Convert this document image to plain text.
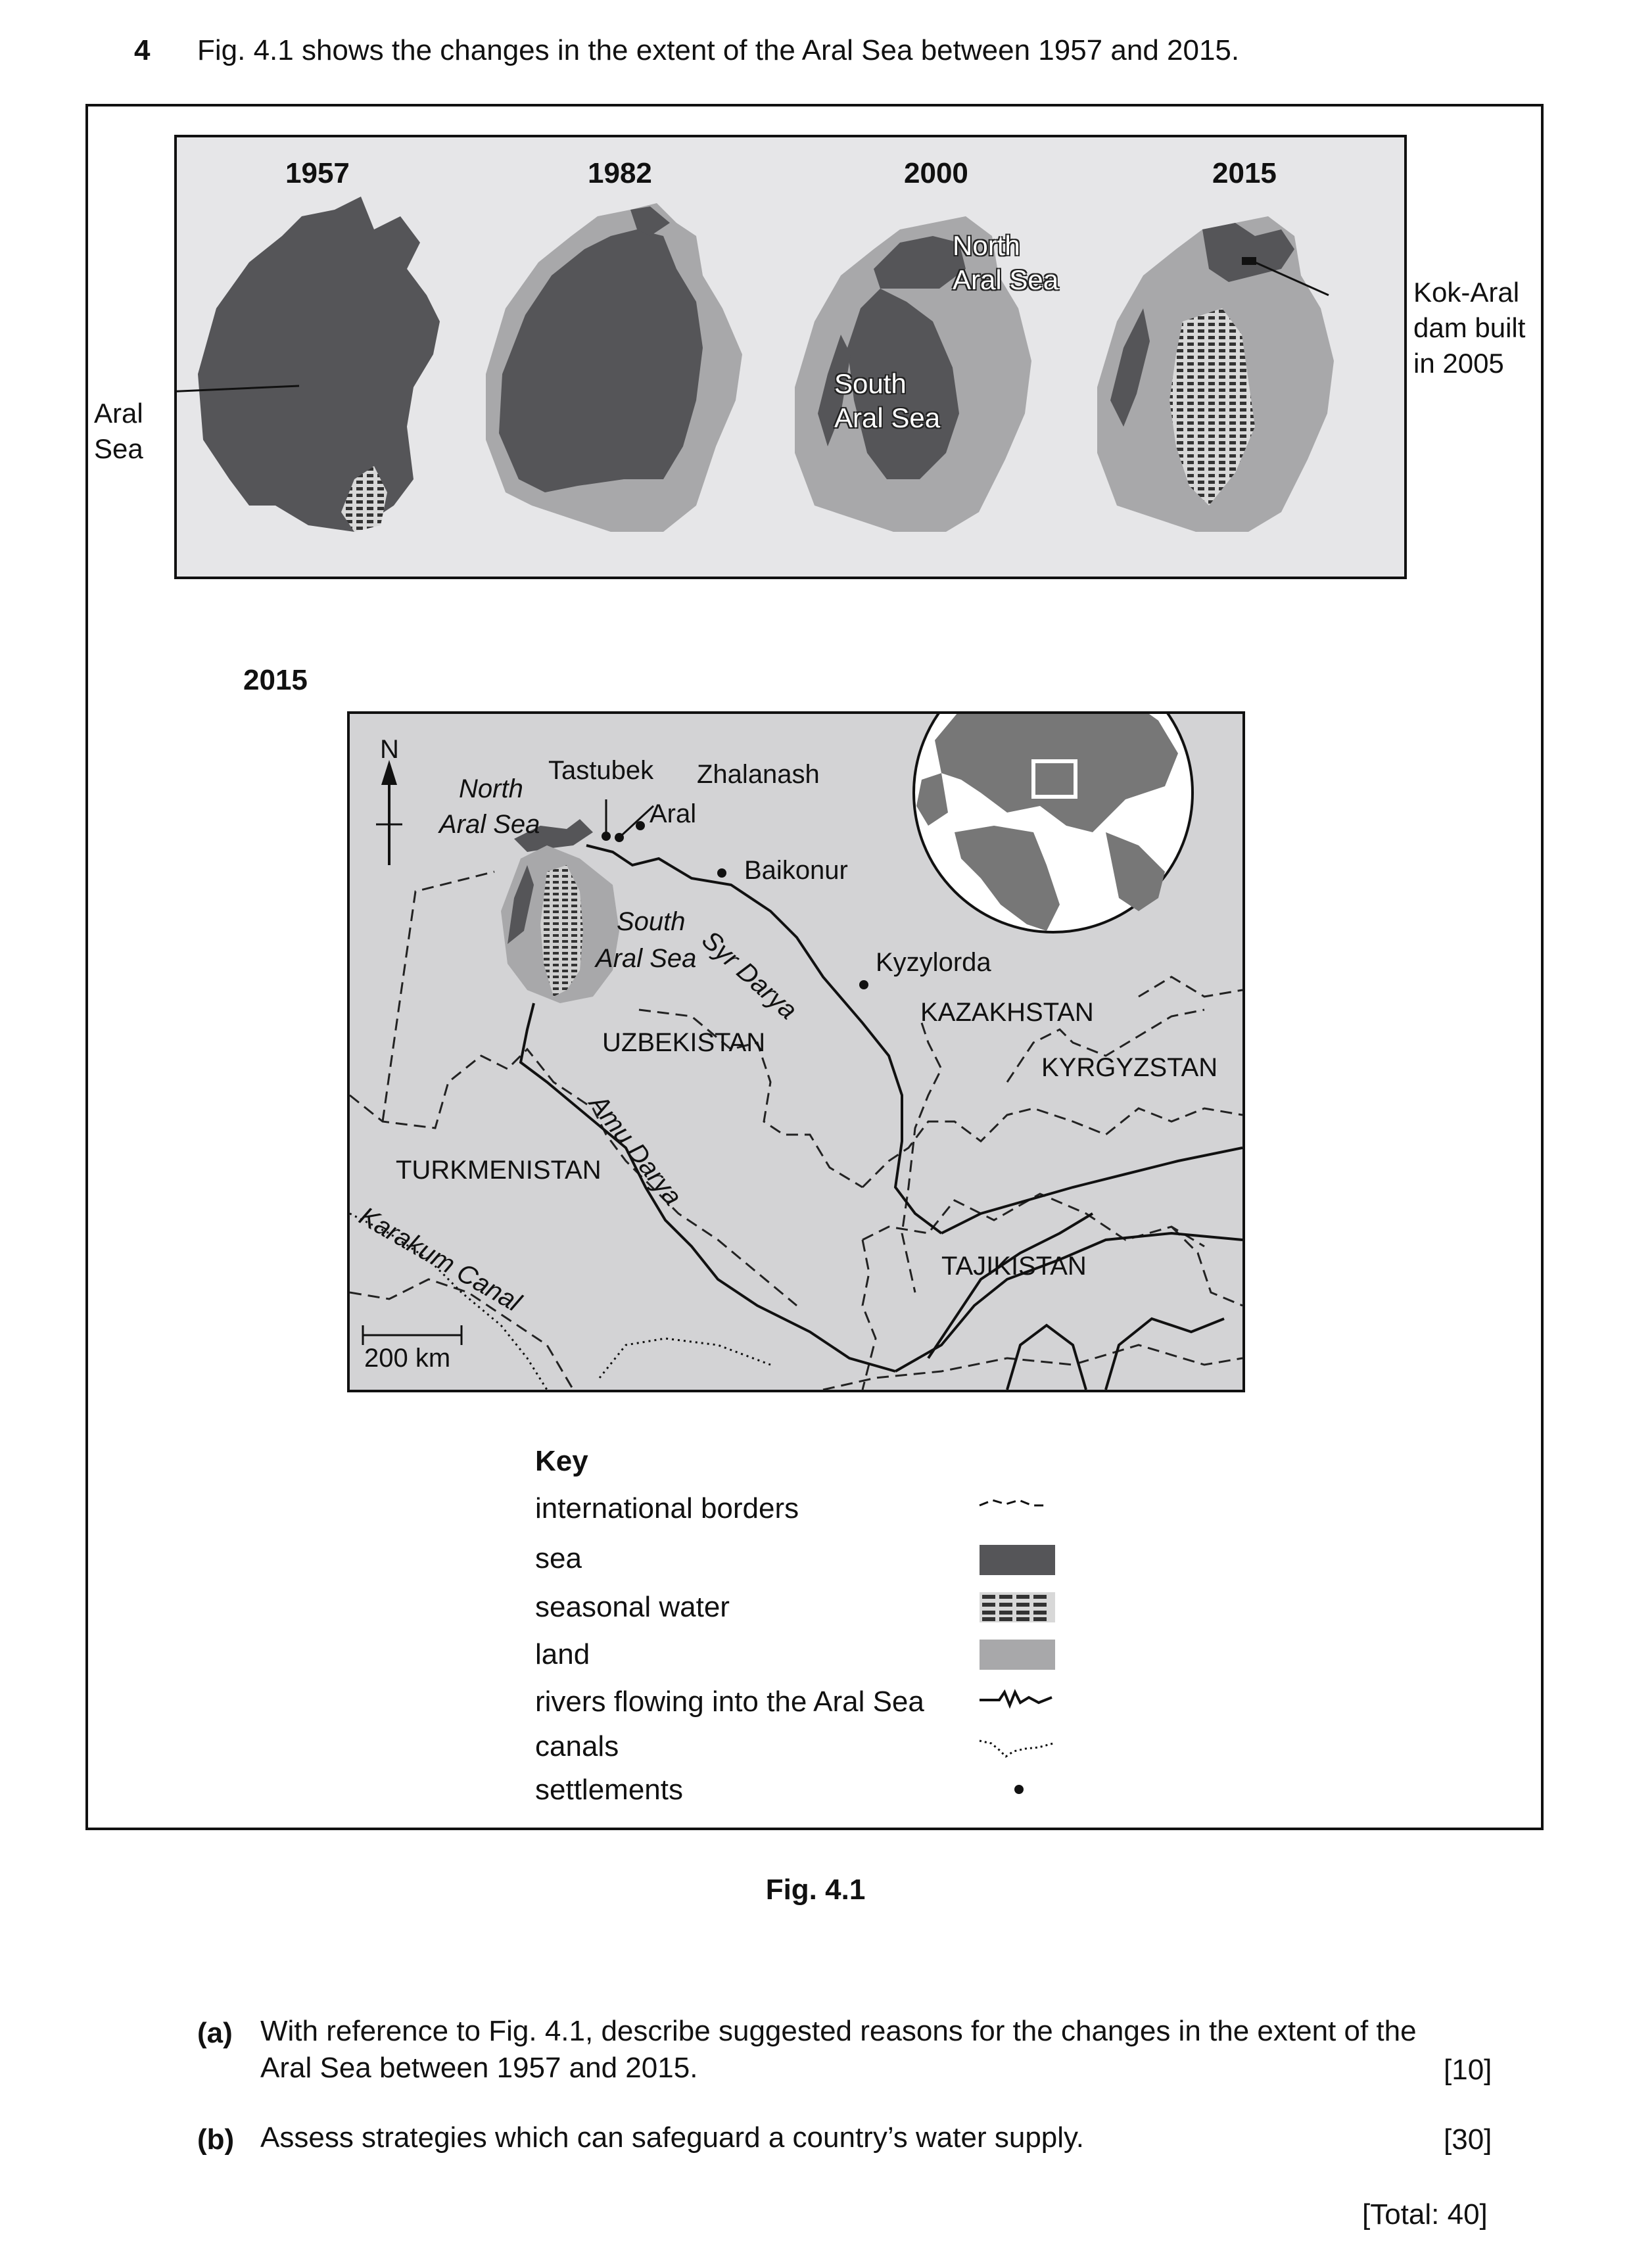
4 Fig. 4.1 shows the changes in the extent of the Aral Sea between 1957 and 2015.
1957	1982	2000	2015
North
Aral Sea
South
Aral Sea
Aral
Sea
Kok-Aral
dam built
in 2005
2015
N
Tastubek Zhalanash
Aral
North
Aral Sea
Baikonur
South
Aral Sea Syr Darya	Kyzylorda
KAZAKHSTAN
KYRGYZSTAN
UZBEKISTAN
Amu Darya
TURKMENISTAN
TAJIKISTAN
Karakum Canal
200 km
Key
international borders
sea
seasonal water
land
rivers flowing into the Aral Sea
canals
settlements
Fig. 4.1
(a) With reference to Fig. 4.1, describe suggested reasons for the changes in the extent of the
Aral Sea between 1957 and 2015.	[10]
(b) Assess strategies which can safeguard a country’s water supply.	[30]
[Total: 40]
